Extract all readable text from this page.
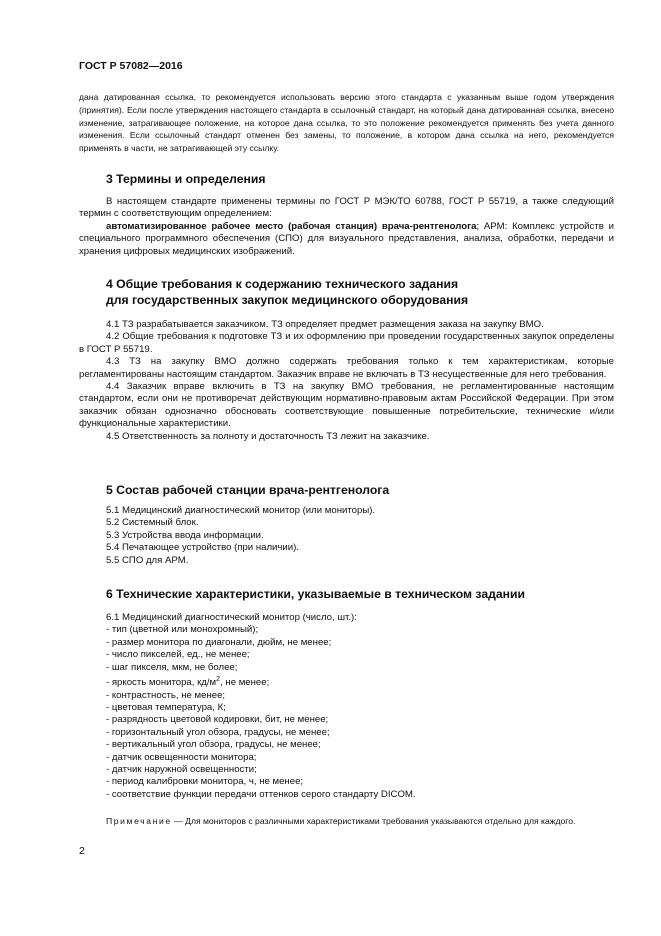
ГОСТ Р 57082—2016
дана датированная ссылка, то рекомендуется использовать версию этого стандарта с указанным выше годом утверждения (принятия). Если после утверждения настоящего стандарта в ссылочный стандарт, на который дана датированная ссылка, внесено изменение, затрагивающее положение, на которое дана ссылка, то это положение рекомендуется применять без учета данного изменения. Если ссылочный стандарт отменен без замены, то положение, в котором дана ссылка на него, рекомендуется применять в части, не затрагивающей эту ссылку.
3 Термины и определения

В настоящем стандарте применены термины по ГОСТ Р МЭК/ТО 60788, ГОСТ Р 55719, а также следующий термин с соответствующим определением:

автоматизированное рабочее место (рабочая станция) врача-рентгенолога; АРМ: Комплекс устройств и специального программного обеспечения (СПО) для визуального представления, анализа, обработки, передачи и хранения цифровых медицинских изображений.

4 Общие требования к содержанию технического задания
для государственных закупок медицинского оборудования

4.1 ТЗ разрабатывается заказчиком. ТЗ определяет предмет размещения заказа на закупку ВМО.

4.2 Общие требования к подготовке ТЗ и их оформлению при проведении государственных закупок определены в ГОСТ Р 55719.

4.3 ТЗ на закупку ВМО должно содержать требования только к тем характеристикам, которые регламентированы настоящим стандартом. Заказчик вправе не включать в ТЗ несущественные для него требования.

4.4 Заказчик вправе включить в ТЗ на закупку ВМО требования, не регламентированные настоящим стандартом, если они не противоречат действующим нормативно-правовым актам Российской Федерации. При этом заказчик обязан однозначно обосновать соответствующие повышенные потребительские, технические и/или функциональные характеристики.

4.5 Ответственность за полноту и достаточность ТЗ лежит на заказчике.

5 Состав рабочей станции врача-рентгенолога
5.1 Медицинский диагностический монитор (или мониторы).
5.2 Системный блок.
5.3 Устройства ввода информации.
5.4 Печатающее устройство (при наличии).
5.5 СПО для АРМ.
6 Технические характеристики, указываемые в техническом задании
6.1 Медицинский диагностический монитор (число, шт.):
- тип (цветной или монохромный);
- размер монитора по диагонали, дюйм, не менее;
- число пикселей, ед., не менее;
- шаг пикселя, мкм, не более;
- яркость монитора, $кд/м^2$, не менее;
- контрастность, не менее;
- цветовая температура, К;
- разрядность цветовой кодировки, бит, не менее;
- горизонтальный угол обзора, градусы, не менее;
- вертикальный угол обзора, градусы, не менее;
- датчик освещенности монитора;
- датчик наружной освещенности;
- период калибровки монитора, ч, не менее;
- соответствие функции передачи оттенков серого стандарту DICOM.
Примечание — Для мониторов с различными характеристиками требования указываются отдельно для каждого.
2
